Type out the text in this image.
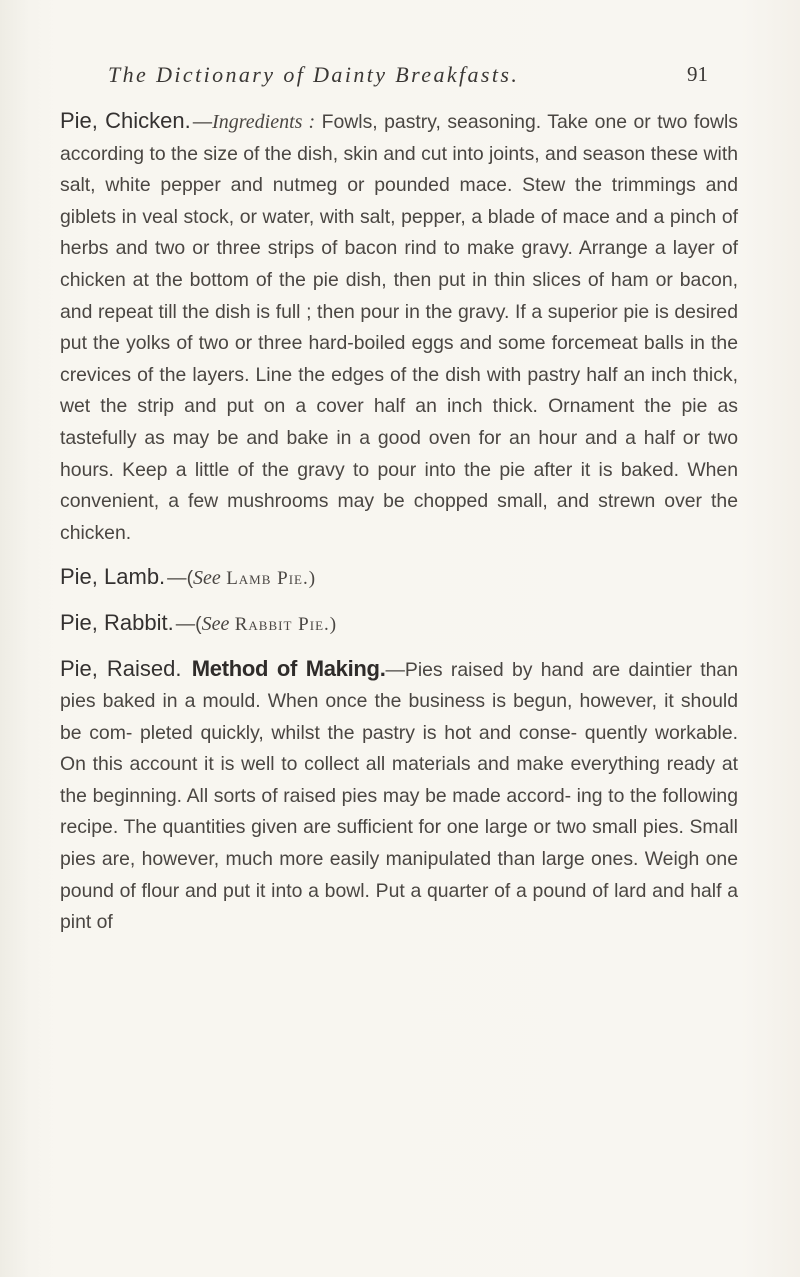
The Dictionary of Dainty Breakfasts.	91

Pie, Chicken. —Ingredients : Fowls, pastry, seasoning. Take one or two fowls according to the size of the dish, skin and cut into joints, and season these with salt, white pepper and nutmeg or pounded mace. Stew the trimmings and giblets in veal stock, or water, with salt, pepper, a blade of mace and a pinch of herbs and two or three strips of bacon rind to make gravy. Arrange a layer of chicken at the bottom of the pie dish, then put in thin slices of ham or bacon, and repeat till the dish is full ; then pour in the gravy. If a superior pie is desired put the yolks of two or three hard-boiled eggs and some forcemeat balls in the crevices of the layers. Line the edges of the dish with pastry half an inch thick, wet the strip and put on a cover half an inch thick. Ornament the pie as tastefully as may be and bake in a good oven for an hour and a half or two hours. Keep a little of the gravy to pour into the pie after it is baked. When convenient, a few mushrooms may be chopped small, and strewn over the chicken.

Pie, Lamb. —(See Lamb Pie.)

Pie, Rabbit. —(See Rabbit Pie.)

Pie, Raised. Method of Making.—Pies raised by hand are daintier than pies baked in a mould. When once the business is begun, however, it should be com- pleted quickly, whilst the pastry is hot and conse- quently workable. On this account it is well to collect all materials and make everything ready at the beginning. All sorts of raised pies may be made accord- ing to the following recipe. The quantities given are sufficient for one large or two small pies. Small pies are, however, much more easily manipulated than large ones. Weigh one pound of flour and put it into a bowl. Put a quarter of a pound of lard and half a pint of
